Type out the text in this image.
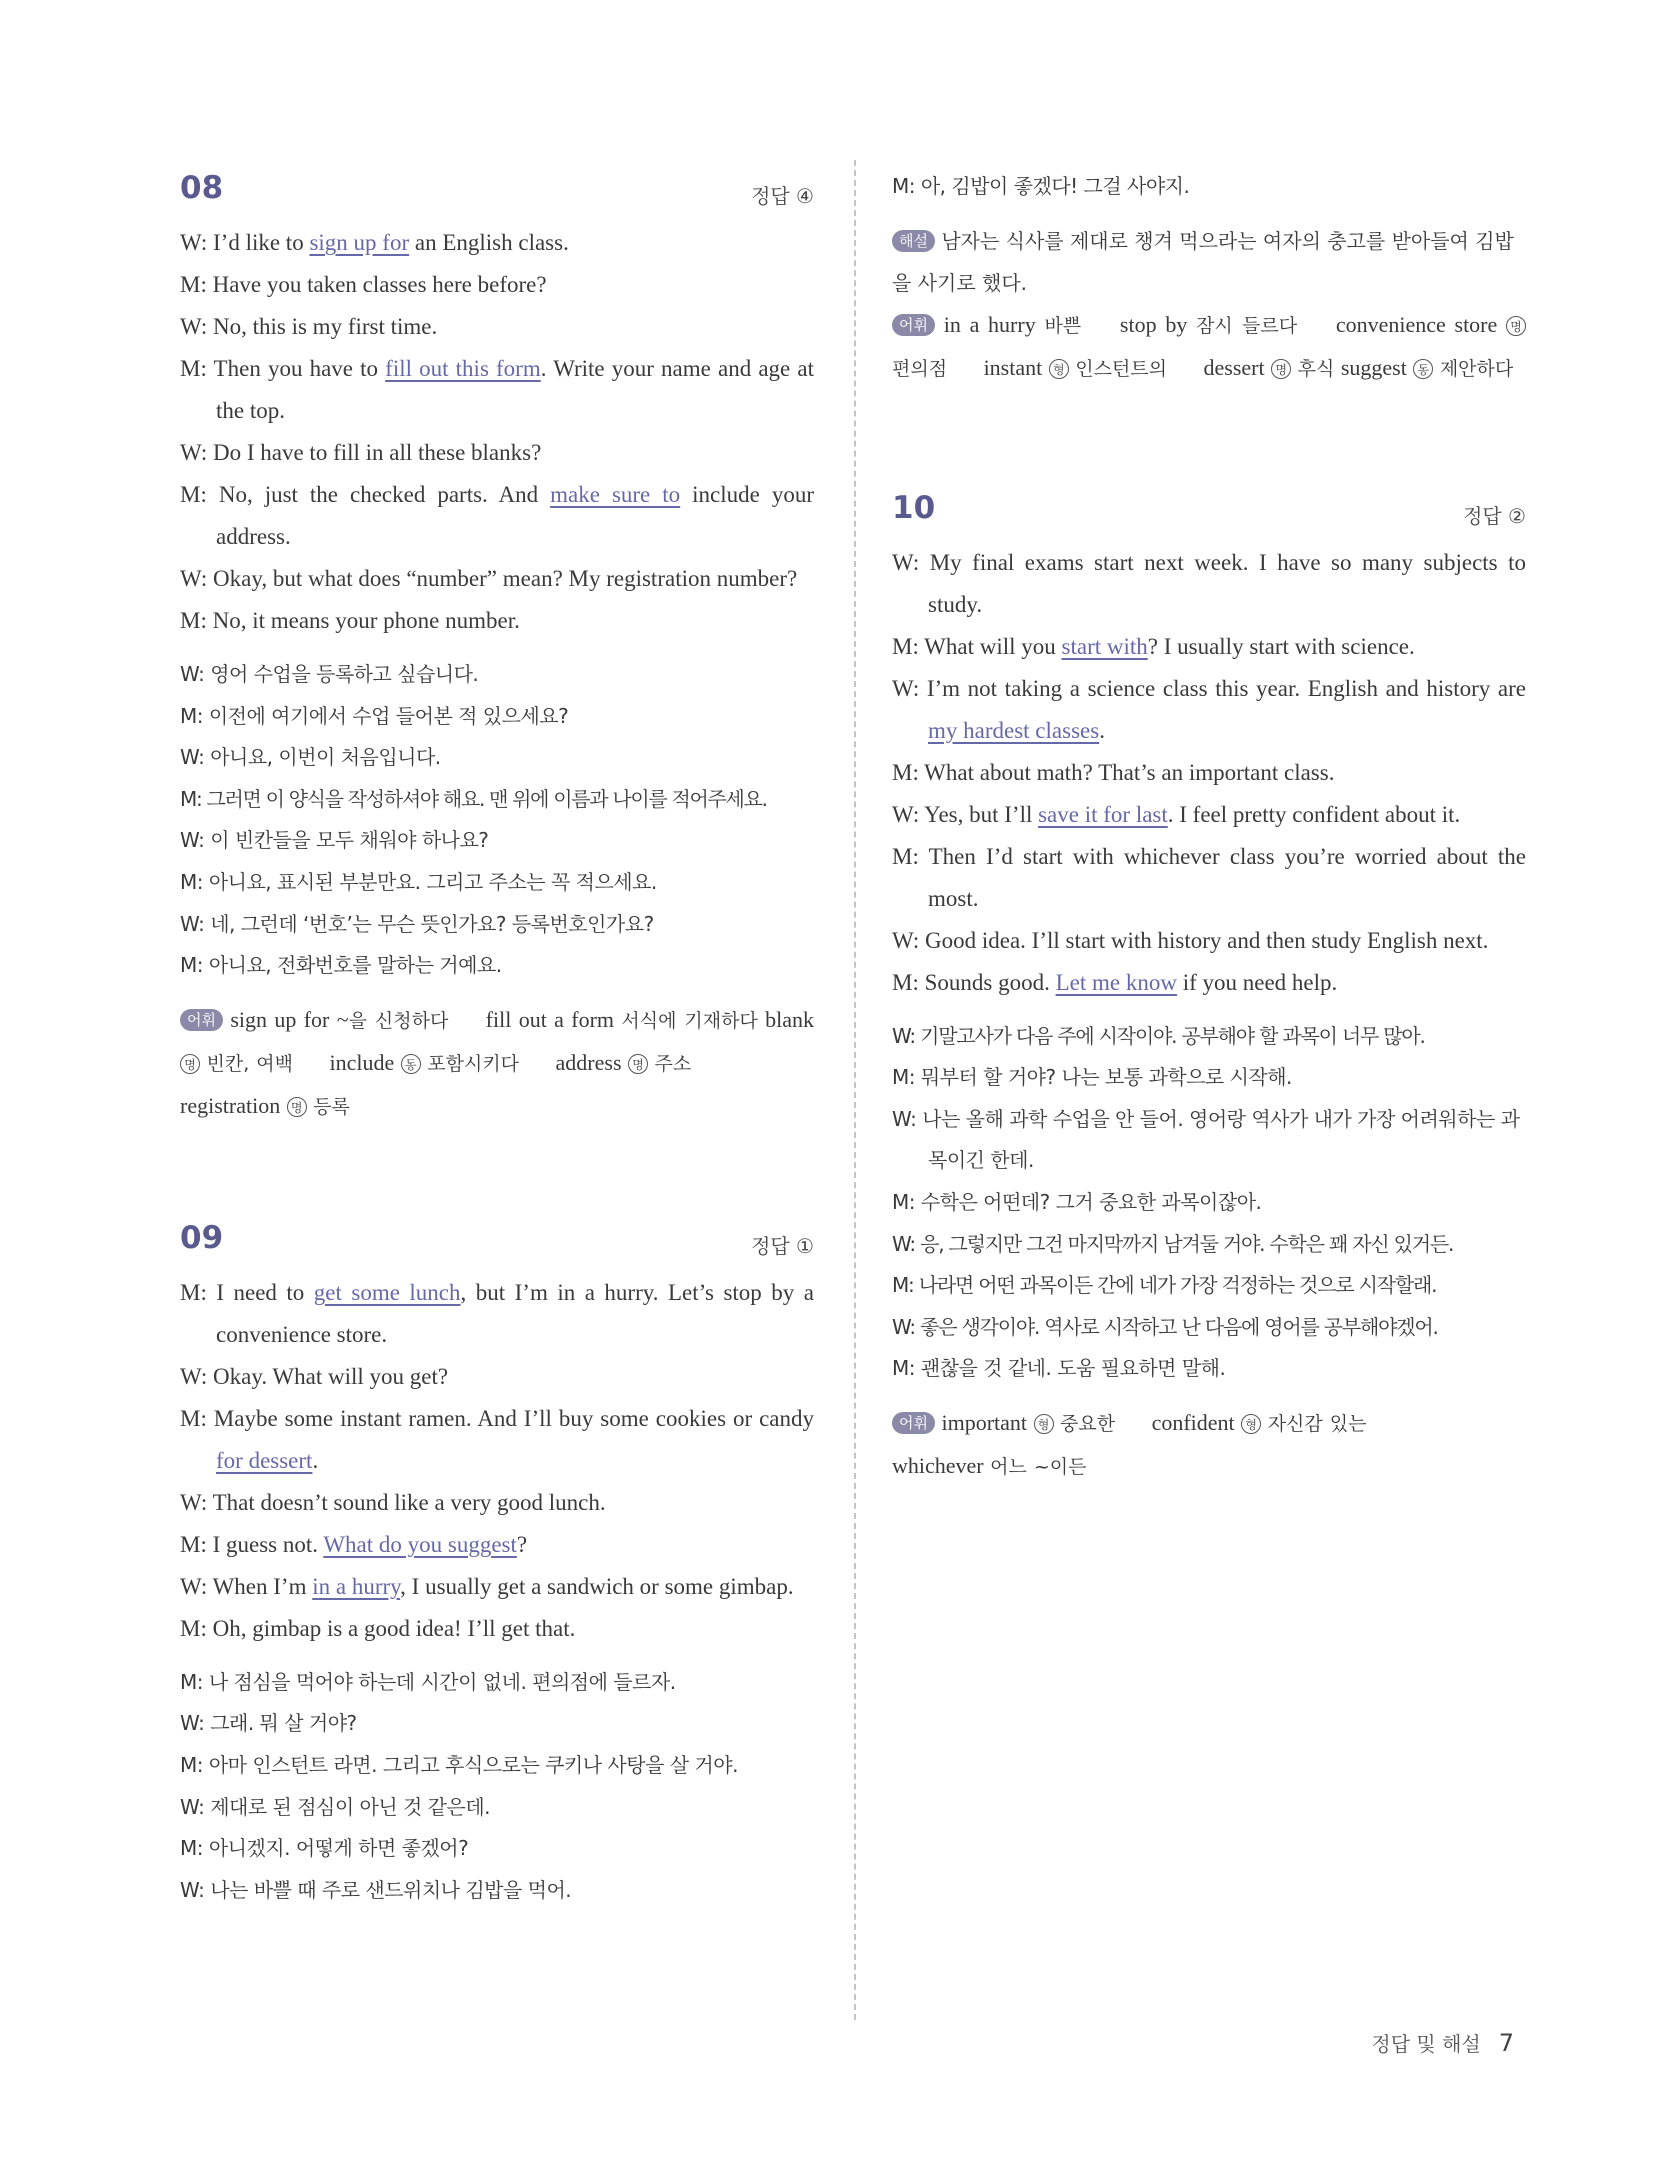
08	정답 ④
W: I’d like to sign up for an English class.
M: Have you taken classes here before?
W: No, this is my first time.
M: Then you have to fill out this form. Write your name and age at the top.
W: Do I have to fill in all these blanks?
M: No, just the checked parts. And make sure to include your address.
W: Okay, but what does “number” mean? My registration number?
M: No, it means your phone number.
W: 영어 수업을 등록하고 싶습니다.
M: 이전에 여기에서 수업 들어본 적 있으세요?
W: 아니요, 이번이 처음입니다.
M: 그러면 이 양식을 작성하셔야 해요. 맨 위에 이름과 나이를 적어주세요.
W: 이 빈칸들을 모두 채워야 하나요?
M: 아니요, 표시된 부분만요. 그리고 주소는 꼭 적으세요.
W: 네, 그런데 ‘번호’는 무슨 뜻인가요? 등록번호인가요?
M: 아니요, 전화번호를 말하는 거예요.
어휘 sign up for ~을 신청하다 fill out a form 서식에 기재하다 blank 명 빈칸, 여백 include 동 포함시키다 address 명 주소
registration 명 등록
09	정답 ①
M: I need to get some lunch, but I’m in a hurry. Let’s stop by a convenience store.
W: Okay. What will you get?
M: Maybe some instant ramen. And I’ll buy some cookies or candy for dessert.
W: That doesn’t sound like a very good lunch.
M: I guess not. What do you suggest?
W: When I’m in a hurry, I usually get a sandwich or some gimbap.
M: Oh, gimbap is a good idea! I’ll get that.
M: 나 점심을 먹어야 하는데 시간이 없네. 편의점에 들르자.
W: 그래. 뭐 살 거야?
M: 아마 인스턴트 라면. 그리고 후식으로는 쿠키나 사탕을 살 거야.
W: 제대로 된 점심이 아닌 것 같은데.
M: 아니겠지. 어떻게 하면 좋겠어?
W: 나는 바쁠 때 주로 샌드위치나 김밥을 먹어.
M: 아, 김밥이 좋겠다! 그걸 사야지.
해설 남자는 식사를 제대로 챙겨 먹으라는 여자의 충고를 받아들여 김밥을 사기로 했다.
어휘 in a hurry 바쁜 stop by 잠시 들르다 convenience store 명 편의점 instant 형 인스턴트의 dessert 명 후식 suggest 동 제안하다
10	정답 ②
W: My final exams start next week. I have so many subjects to study.
M: What will you start with? I usually start with science.
W: I’m not taking a science class this year. English and history are my hardest classes.
M: What about math? That’s an important class.
W: Yes, but I’ll save it for last. I feel pretty confident about it.
M: Then I’d start with whichever class you’re worried about the most.
W: Good idea. I’ll start with history and then study English next.
M: Sounds good. Let me know if you need help.
W: 기말고사가 다음 주에 시작이야. 공부해야 할 과목이 너무 많아.
M: 뭐부터 할 거야? 나는 보통 과학으로 시작해.
W: 나는 올해 과학 수업을 안 들어. 영어랑 역사가 내가 가장 어려워하는 과목이긴 한데.
M: 수학은 어떤데? 그거 중요한 과목이잖아.
W: 응, 그렇지만 그건 마지막까지 남겨둘 거야. 수학은 꽤 자신 있거든.
M: 나라면 어떤 과목이든 간에 네가 가장 걱정하는 것으로 시작할래.
W: 좋은 생각이야. 역사로 시작하고 난 다음에 영어를 공부해야겠어.
M: 괜찮을 것 같네. 도움 필요하면 말해.
어휘 important 형 중요한 confident 형 자신감 있는
whichever 어느 ~이든
정답 및 해설 7
